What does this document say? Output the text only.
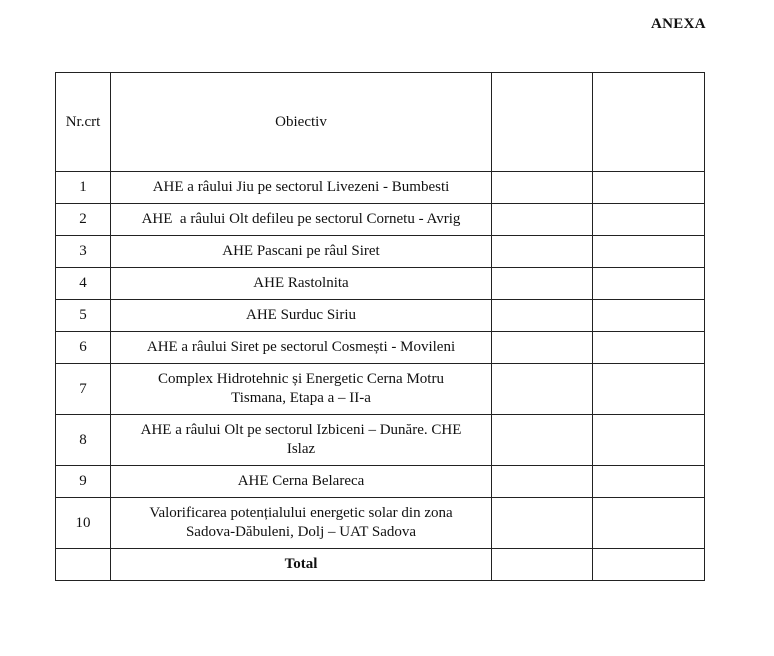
ANEXA
Nr.crt	Obiectiv		
1	AHE a râului Jiu pe sectorul Livezeni - Bumbesti		
2	AHE  a râului Olt defileu pe sectorul Cornetu - Avrig		
3	AHE Pascani pe râul Siret		
4	AHE Rastolnita		
5	AHE Surduc Siriu		
6	AHE a râului Siret pe sectorul Cosmești - Movileni		
7	Complex Hidrotehnic și Energetic Cerna Motru
Tismana, Etapa a – II-a		
8	AHE a râului Olt pe sectorul Izbiceni – Dunăre. CHE
Islaz		
9	AHE Cerna Belareca		
10	Valorificarea potențialului energetic solar din zona
Sadova-Dăbuleni, Dolj – UAT Sadova		
	Total		
